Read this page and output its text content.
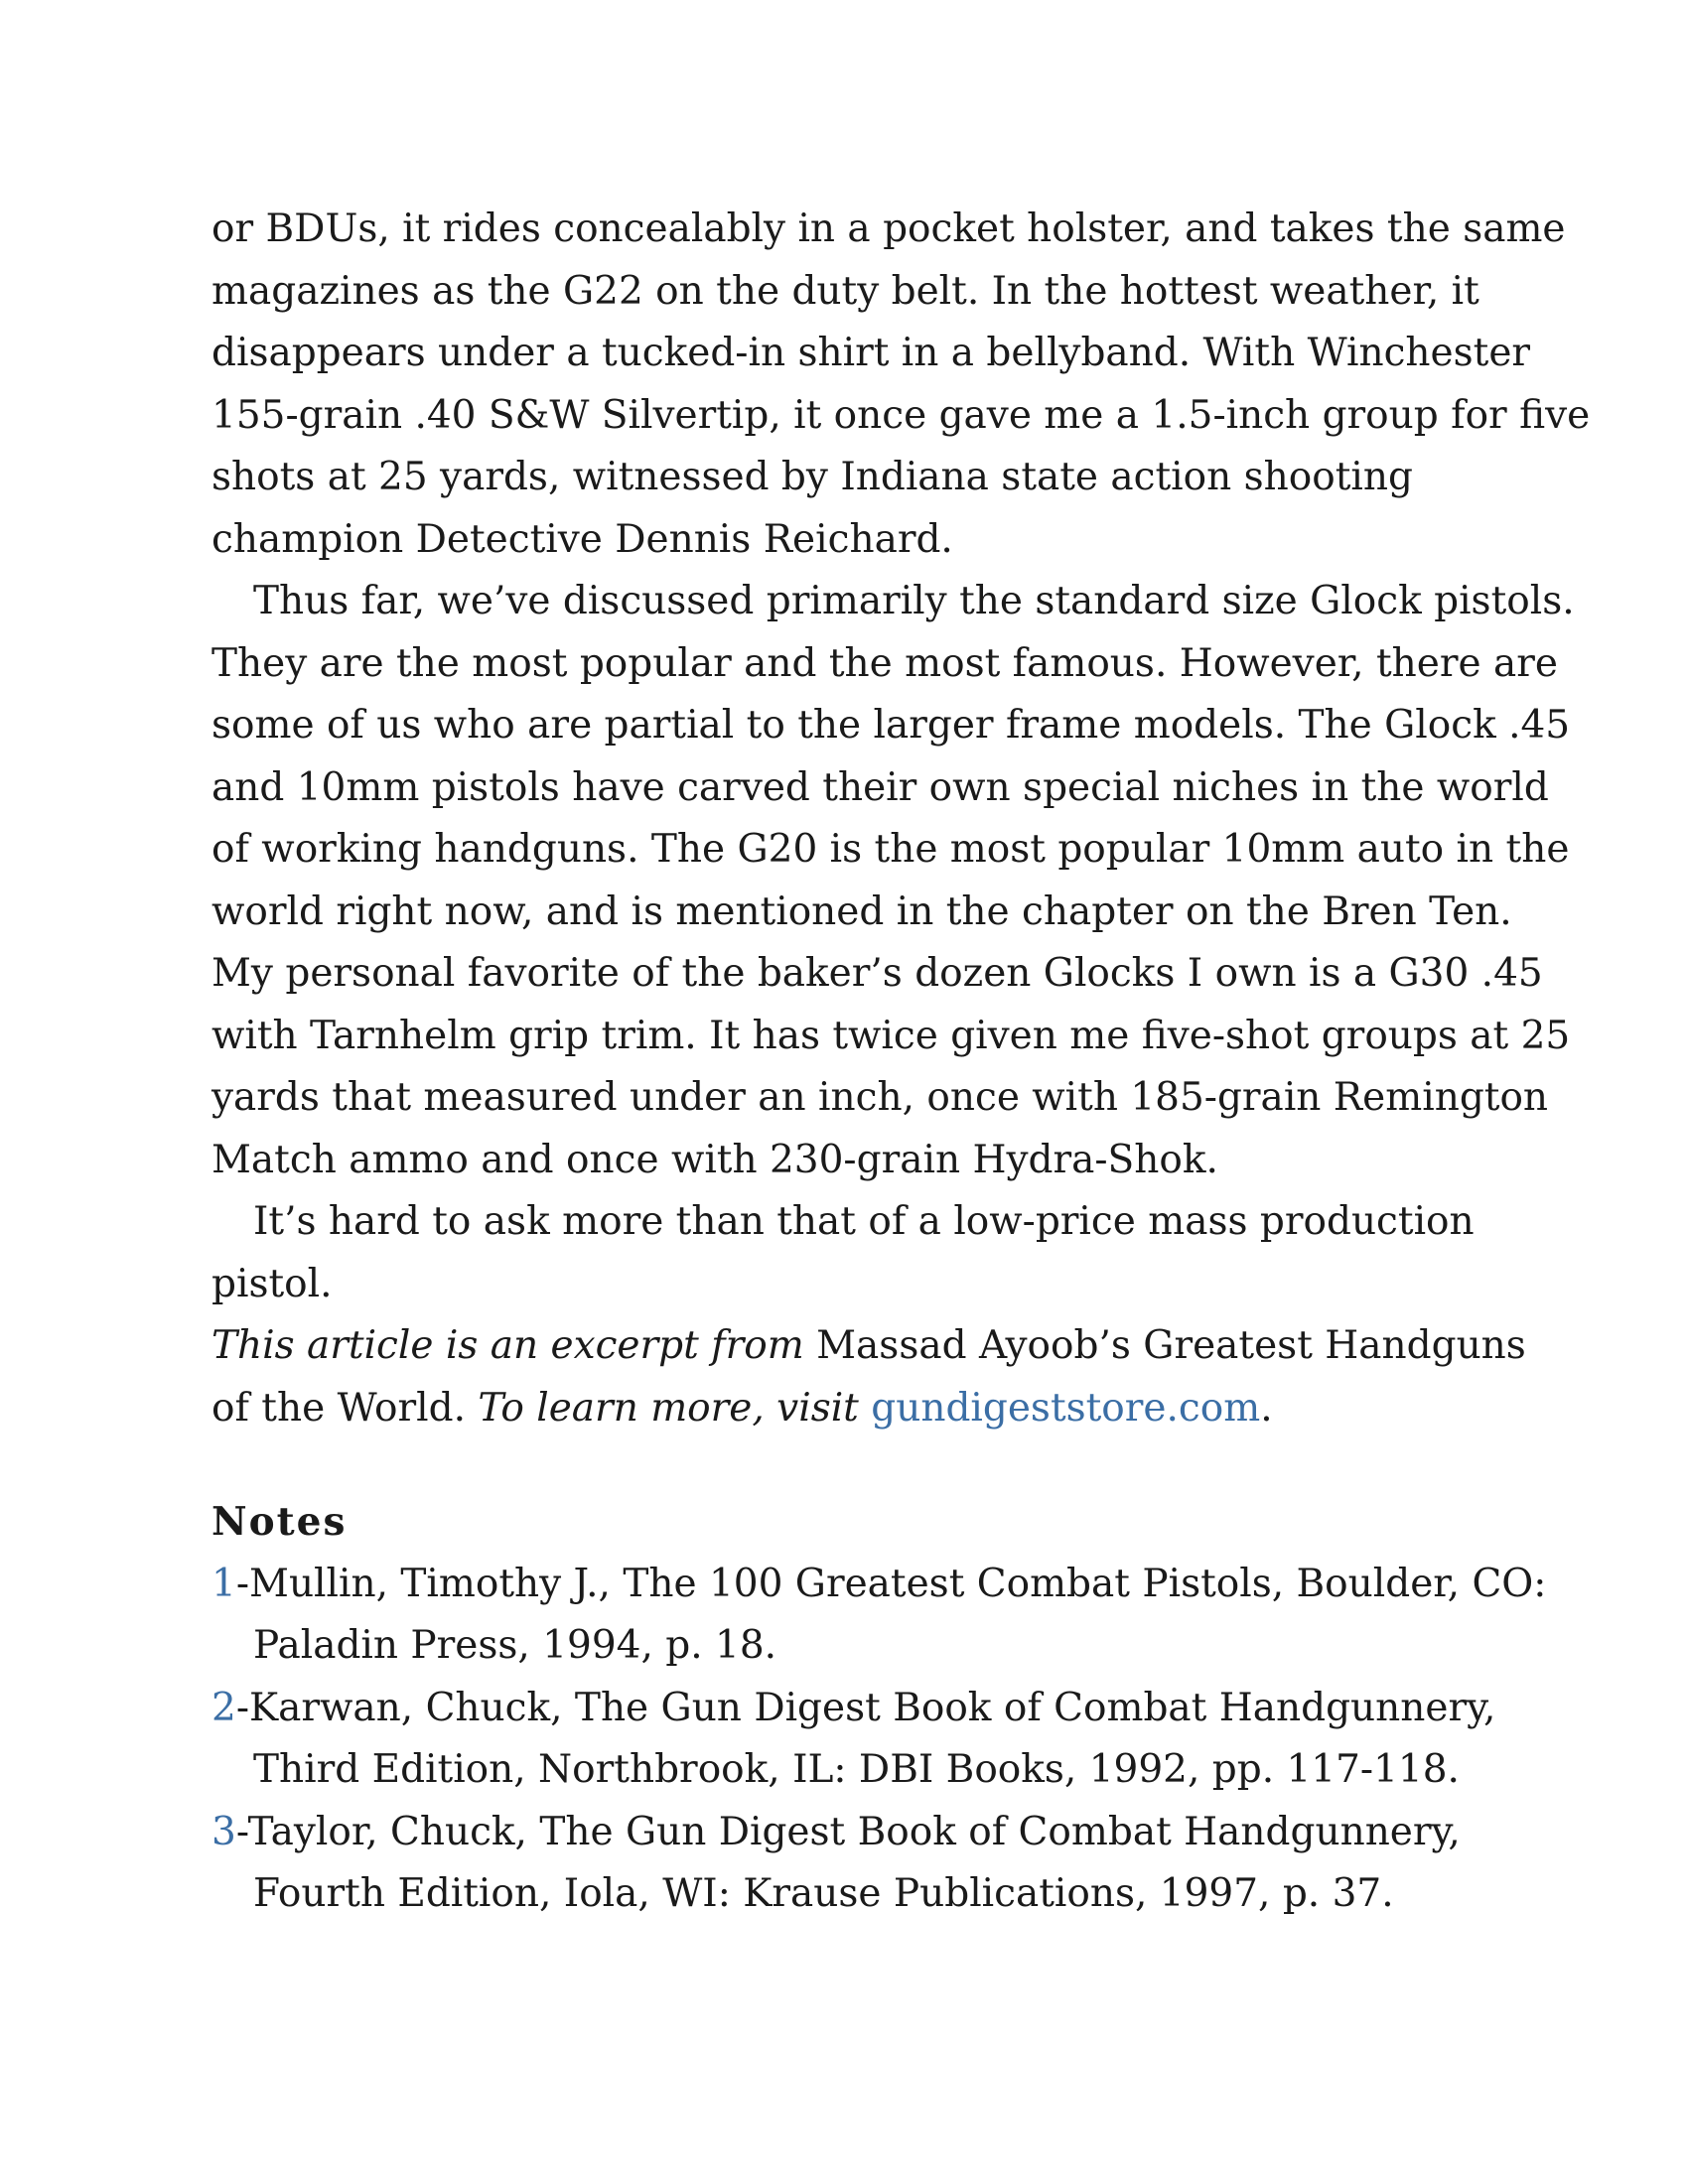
or BDUs, it rides concealably in a pocket holster, and takes the same
magazines as the G22 on the duty belt. In the hottest weather, it
disappears under a tucked-in shirt in a bellyband. With Winchester
155-grain .40 S&W Silvertip, it once gave me a 1.5-inch group for five
shots at 25 yards, witnessed by Indiana state action shooting
champion Detective Dennis Reichard.
Thus far, we’ve discussed primarily the standard size Glock pistols.
They are the most popular and the most famous. However, there are
some of us who are partial to the larger frame models. The Glock .45
and 10mm pistols have carved their own special niches in the world
of working handguns. The G20 is the most popular 10mm auto in the
world right now, and is mentioned in the chapter on the Bren Ten.
My personal favorite of the baker’s dozen Glocks I own is a G30 .45
with Tarnhelm grip trim. It has twice given me five-shot groups at 25
yards that measured under an inch, once with 185-grain Remington
Match ammo and once with 230-grain Hydra-Shok.
It’s hard to ask more than that of a low-price mass production
pistol.
This article is an excerpt from Massad Ayoob’s Greatest Handguns
of the World. To learn more, visit gundigeststore.com.
Notes
1-Mullin, Timothy J., The 100 Greatest Combat Pistols, Boulder, CO:
Paladin Press, 1994, p. 18.
2-Karwan, Chuck, The Gun Digest Book of Combat Handgunnery,
Third Edition, Northbrook, IL: DBI Books, 1992, pp. 117-118.
3-Taylor, Chuck, The Gun Digest Book of Combat Handgunnery,
Fourth Edition, Iola, WI: Krause Publications, 1997, p. 37.
